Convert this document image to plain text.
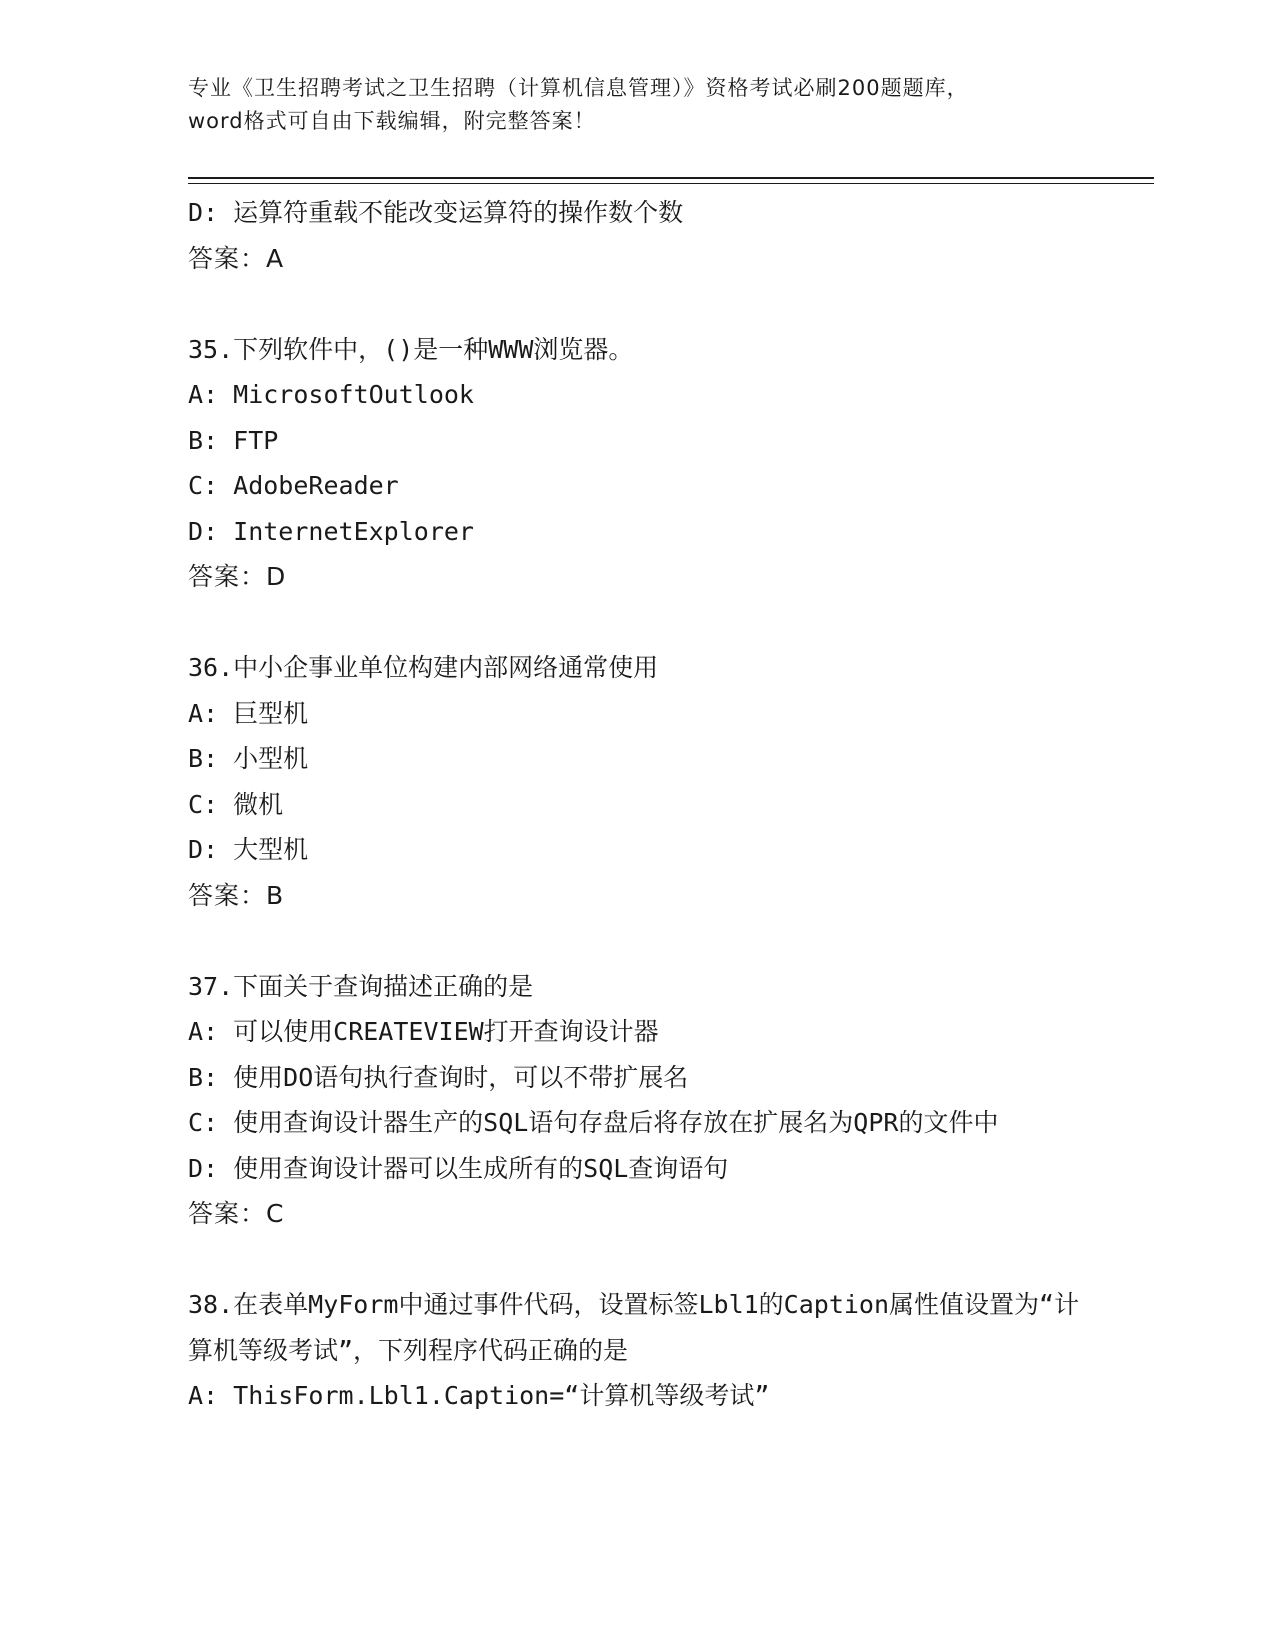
专业《卫生招聘考试之卫生招聘（计算机信息管理）》资格考试必刷200题题库，
word格式可自由下载编辑，附完整答案！

D: 运算符重载不能改变运算符的操作数个数

答案：A

35.下列软件中，()是一种WWW浏览器。

A: MicrosoftOutlook

B: FTP

C: AdobeReader

D: InternetExplorer

答案：D

36.中小企事业单位构建内部网络通常使用

A: 巨型机

B: 小型机

C: 微机

D: 大型机

答案：B

37.下面关于查询描述正确的是

A: 可以使用CREATEVIEW打开查询设计器

B: 使用DO语句执行查询时，可以不带扩展名

C: 使用查询设计器生产的SQL语句存盘后将存放在扩展名为QPR的文件中

D: 使用查询设计器可以生成所有的SQL查询语句

答案：C

38.在表单MyForm中通过事件代码，设置标签Lbl1的Caption属性值设置为“计算机等级考试”，下列程序代码正确的是

A: ThisForm.Lbl1.Caption=“计算机等级考试”
